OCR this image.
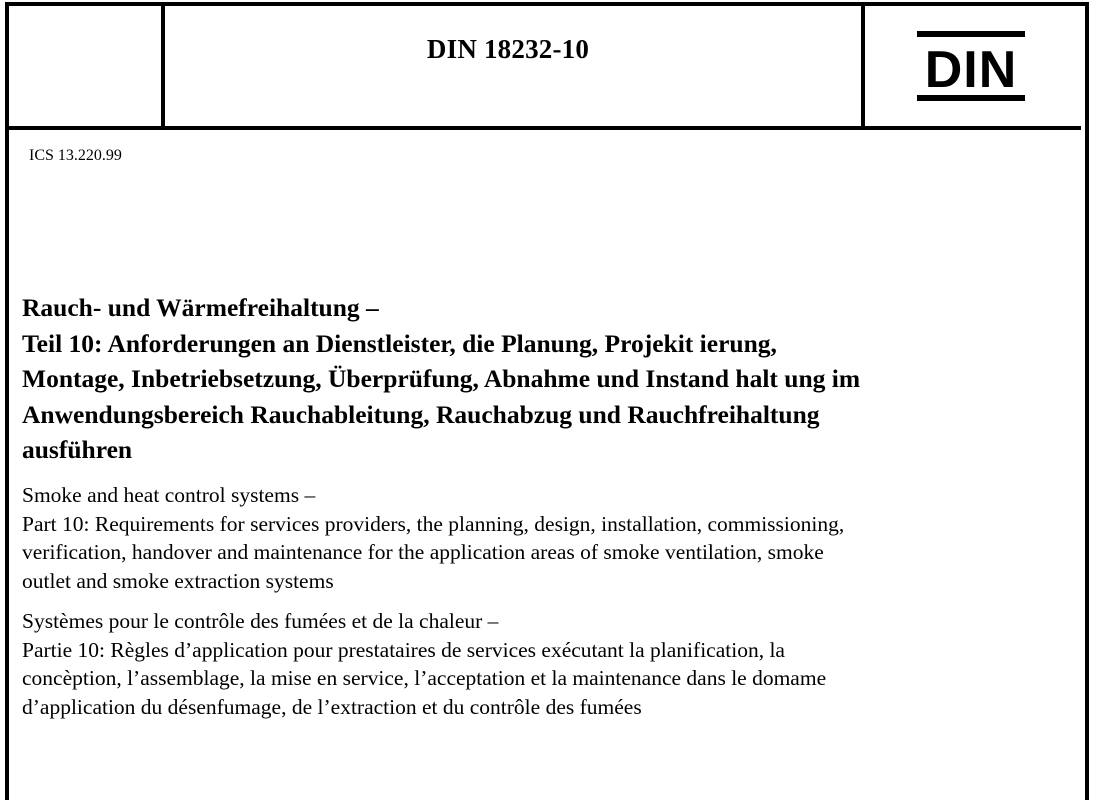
DIN 18232-10	DIN
ICS 13.220.99
Rauch- und Wärmefreihaltung –
Teil 10: Anforderungen an Dienstleister, die Planung, Projekit ierung,
Montage, Inbetriebsetzung, Überprüfung, Abnahme und Instand halt ung im
Anwendungsbereich Rauchableitung, Rauchabzug und Rauchfreihaltung
ausführen
Smoke and heat control systems –
Part 10: Requirements for services providers, the planning, design, installation, commissioning,
verification, handover and maintenance for the application areas of smoke ventilation, smoke
outlet and smoke extraction systems
Systèmes pour le contrôle des fumées et de la chaleur –
Partie 10: Règles d’application pour prestataires de services exécutant la planification, la
concèption, l’assemblage, la mise en service, l’acceptation et la maintenance dans le domame
d’application du désenfumage, de l’extraction et du contrôle des fumées
